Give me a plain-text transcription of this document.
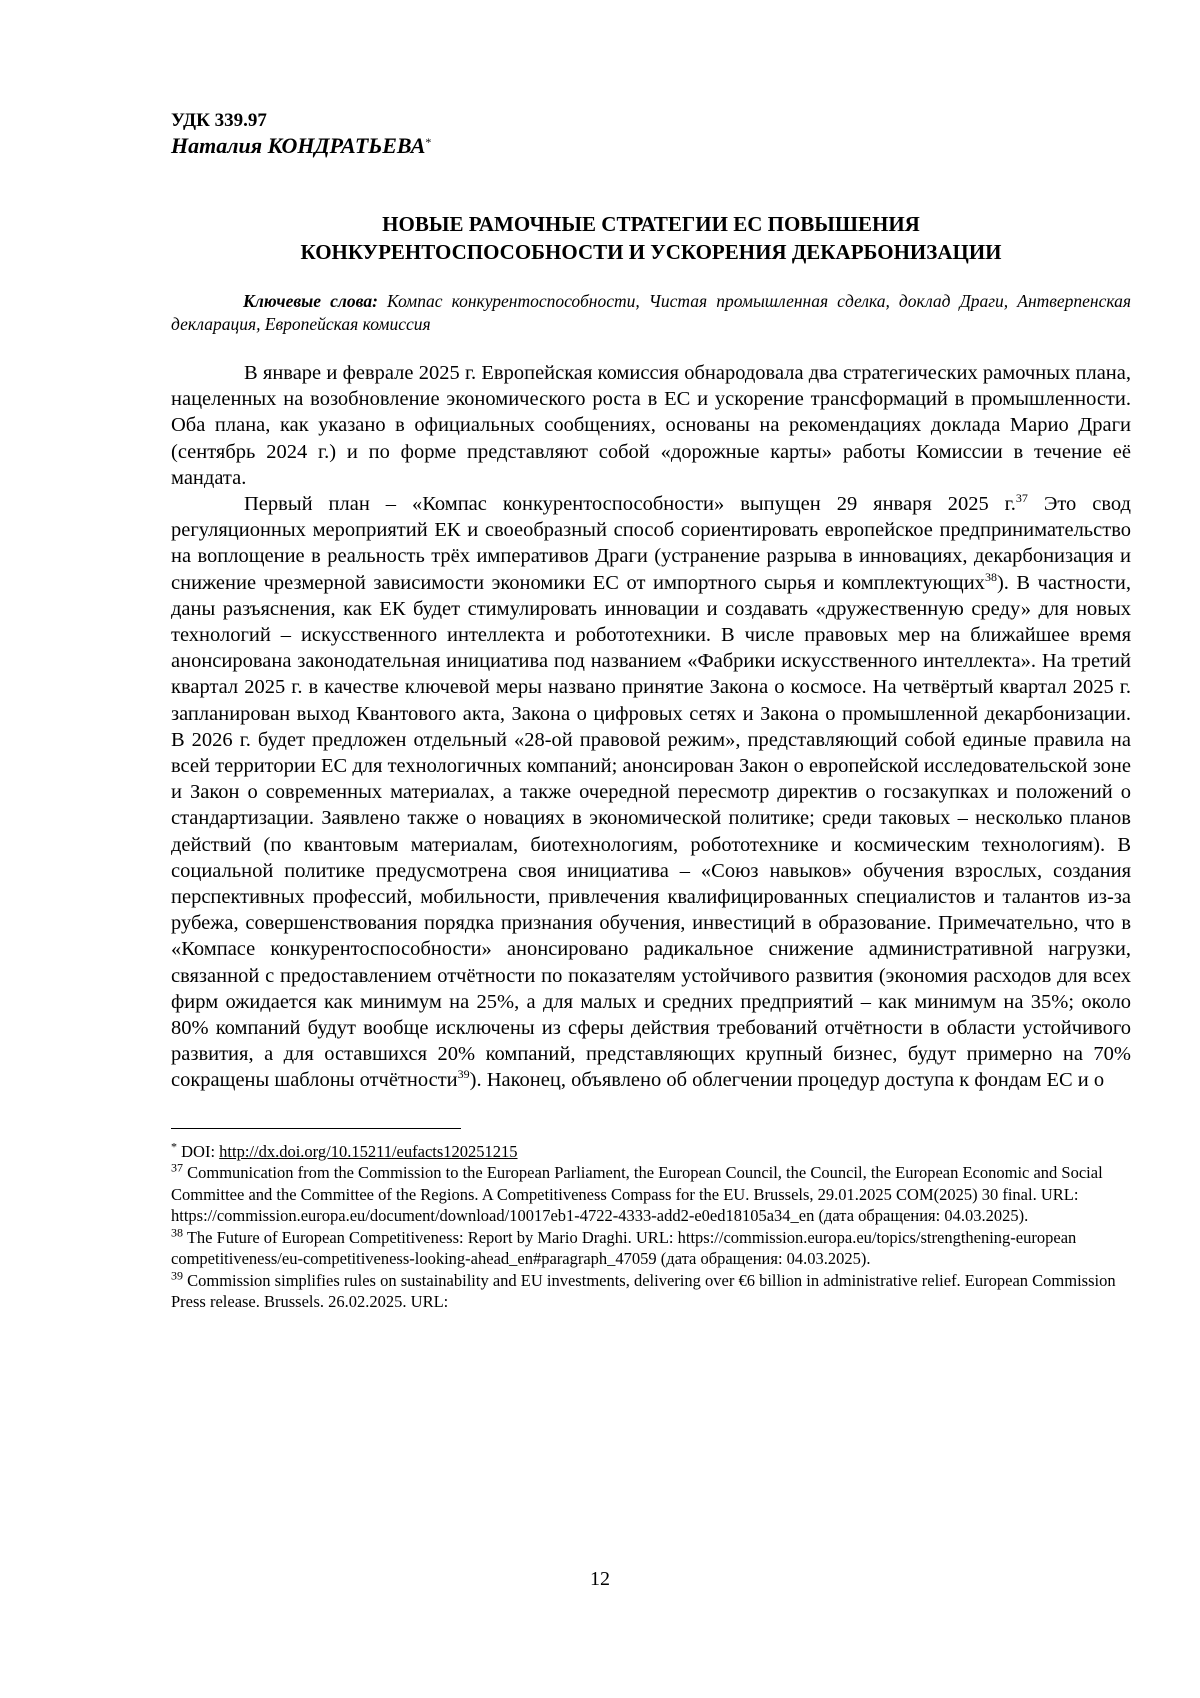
УДК 339.97

Наталия КОНДРАТЬЕВА*

НОВЫЕ РАМОЧНЫЕ СТРАТЕГИИ ЕС ПОВЫШЕНИЯ
КОНКУРЕНТОСПОСОБНОСТИ И УСКОРЕНИЯ ДЕКАРБОНИЗАЦИИ

Ключевые слова: Компас конкурентоспособности, Чистая промышленная сделка, доклад Драги, Антверпенская декларация, Европейская комиссия

В январе и феврале 2025 г. Европейская комиссия обнародовала два стратегических рамочных плана, нацеленных на возобновление экономического роста в ЕС и ускорение трансформаций в промышленности. Оба плана, как указано в официальных сообщениях, основаны на рекомендациях доклада Марио Драги (сентябрь 2024 г.) и по форме представляют собой «дорожные карты» работы Комиссии в течение её мандата.

Первый план – «Компас конкурентоспособности» выпущен 29 января 2025 г.$^{37}$ Это свод регуляционных мероприятий ЕК и своеобразный способ сориентировать европейское предпринимательство на воплощение в реальность трёх императивов Драги (устранение разрыва в инновациях, декарбонизация и снижение чрезмерной зависимости экономики ЕС от импортного сырья и комплектующих$^{38}$). В частности, даны разъяснения, как ЕК будет стимулировать инновации и создавать «дружественную среду» для новых технологий – искусственного интеллекта и робототехники. В числе правовых мер на ближайшее время анонсирована законодательная инициатива под названием «Фабрики искусственного интеллекта». На третий квартал 2025 г. в качестве ключевой меры названо принятие Закона о космосе. На четвёртый квартал 2025 г. запланирован выход Квантового акта, Закона о цифровых сетях и Закона о промышленной декарбонизации. В 2026 г. будет предложен отдельный «28-ой правовой режим», представляющий собой единые правила на всей территории ЕС для технологичных компаний; анонсирован Закон о европейской исследовательской зоне и Закон о современных материалах, а также очередной пересмотр директив о госзакупках и положений о стандартизации. Заявлено также о новациях в экономической политике; среди таковых – несколько планов действий (по квантовым материалам, биотехнологиям, робототехнике и космическим технологиям). В социальной политике предусмотрена своя инициатива – «Союз навыков» обучения взрослых, создания перспективных профессий, мобильности, привлечения квалифицированных специалистов и талантов из-за рубежа, совершенствования порядка признания обучения, инвестиций в образование. Примечательно, что в «Компасе конкурентоспособности» анонсировано радикальное снижение административной нагрузки, связанной с предоставлением отчётности по показателям устойчивого развития (экономия расходов для всех фирм ожидается как минимум на 25%, а для малых и средних предприятий – как минимум на 35%; около 80% компаний будут вообще исключены из сферы действия требований отчётности в области устойчивого развития, а для оставшихся 20% компаний, представляющих крупный бизнес, будут примерно на 70% сокращены шаблоны отчётности$^{39}$). Наконец, объявлено об облегчении процедур доступа к фондам ЕС и о

* DOI: http://dx.doi.org/10.15211/eufacts120251215

$^{37}$ Communication from the Commission to the European Parliament, the European Council, the Council, the European Economic and Social Committee and the Committee of the Regions. A Competitiveness Compass for the EU. Brussels, 29.01.2025 COM(2025) 30 final. URL: https://commission.europa.eu/document/download/10017eb1-4722-4333-add2-e0ed18105a34_en (дата обращения: 04.03.2025).

$^{38}$ The Future of European Competitiveness: Report by Mario Draghi. URL: https://commission.europa.eu/topics/strengthening-european competitiveness/eu-competitiveness-looking-ahead_en#paragraph_47059 (дата обращения: 04.03.2025).

$^{39}$ Commission simplifies rules on sustainability and EU investments, delivering over €6 billion in administrative relief. European Commission Press release. Brussels. 26.02.2025. URL:

12
